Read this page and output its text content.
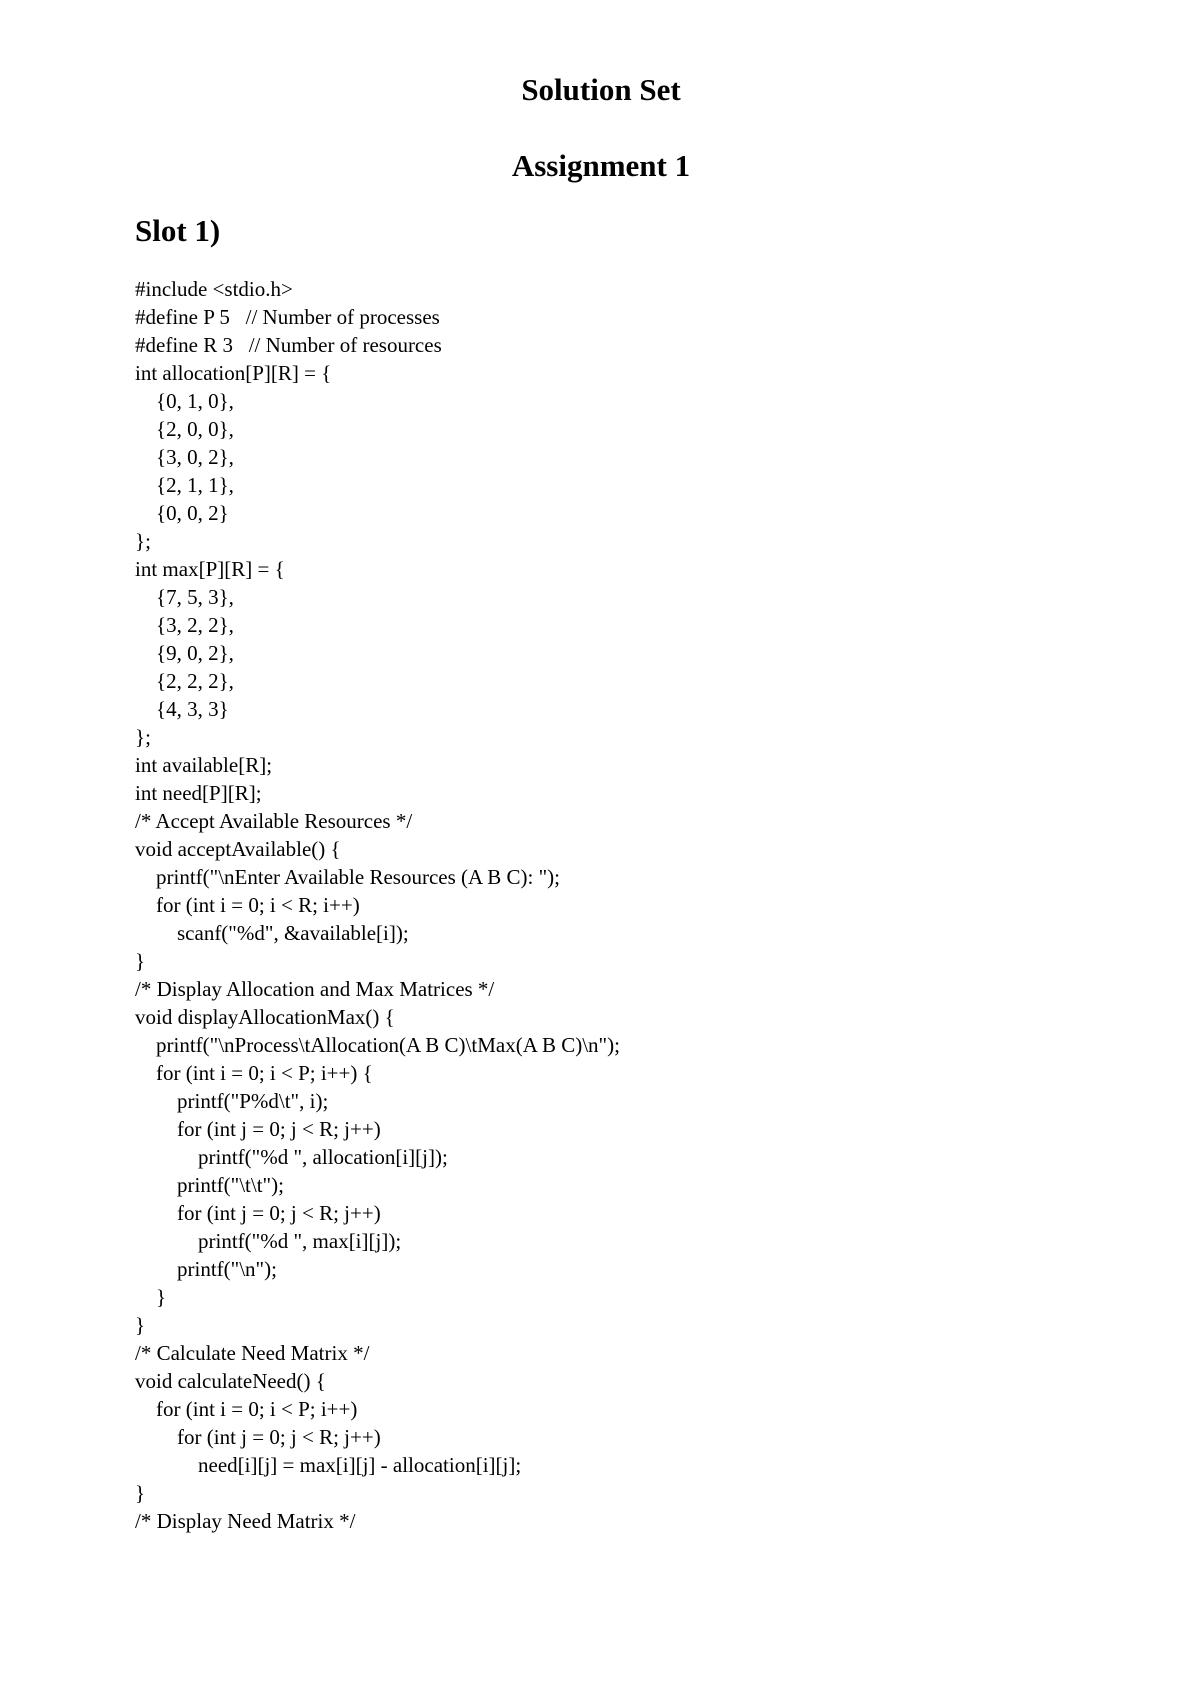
Solution Set
Assignment 1
Slot 1)
#include <stdio.h>
#define P 5   // Number of processes
#define R 3   // Number of resources
int allocation[P][R] = {
{0, 1, 0},
{2, 0, 0},
{3, 0, 2},
{2, 1, 1},
{0, 0, 2}
};
int max[P][R] = {
{7, 5, 3},
{3, 2, 2},
{9, 0, 2},
{2, 2, 2},
{4, 3, 3}
};
int available[R];
int need[P][R];
/* Accept Available Resources */
void acceptAvailable() {
printf("\nEnter Available Resources (A B C): ");
for (int i = 0; i < R; i++)
scanf("%d", &available[i]);
}
/* Display Allocation and Max Matrices */
void displayAllocationMax() {
printf("\nProcess\tAllocation(A B C)\tMax(A B C)\n");
for (int i = 0; i < P; i++) {
printf("P%d\t", i);
for (int j = 0; j < R; j++)
printf("%d ", allocation[i][j]);
printf("\t\t");
for (int j = 0; j < R; j++)
printf("%d ", max[i][j]);
printf("\n");
}
}
/* Calculate Need Matrix */
void calculateNeed() {
for (int i = 0; i < P; i++)
for (int j = 0; j < R; j++)
need[i][j] = max[i][j] - allocation[i][j];
}
/* Display Need Matrix */
